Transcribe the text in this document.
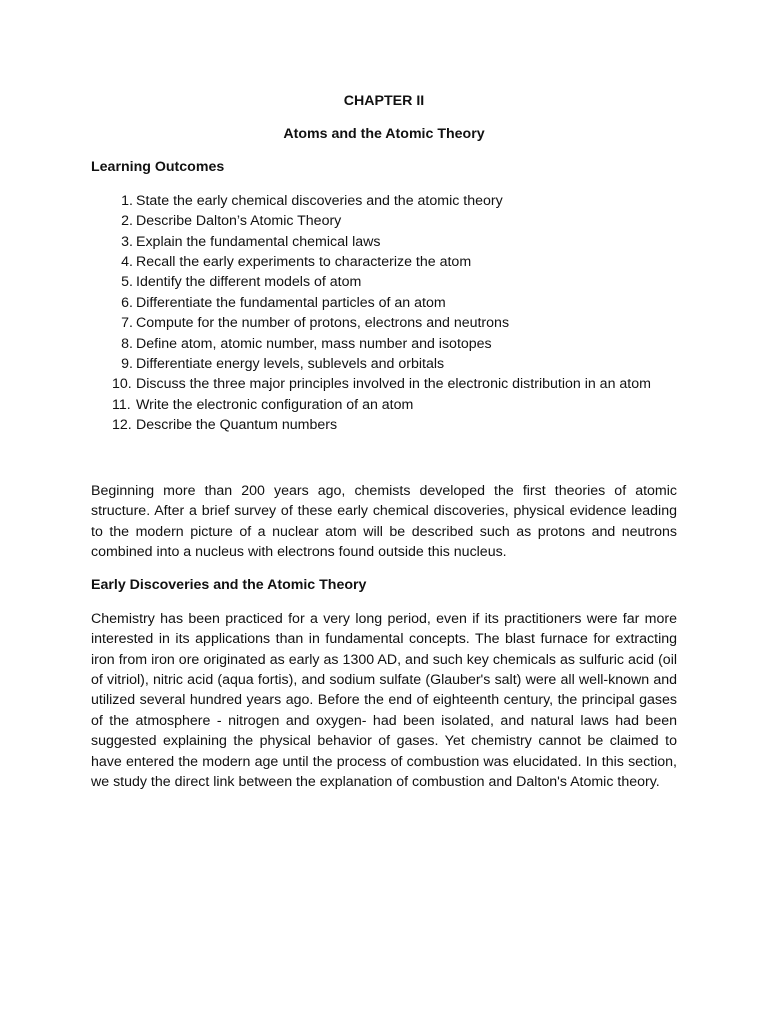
CHAPTER II

Atoms and the Atomic Theory

Learning Outcomes

1. State the early chemical discoveries and the atomic theory
2. Describe Dalton’s Atomic Theory
3. Explain the fundamental chemical laws
4. Recall the early experiments to characterize the atom
5. Identify the different models of atom
6. Differentiate the fundamental particles of an atom
7. Compute for the number of protons, electrons and neutrons
8. Define atom, atomic number, mass number and isotopes
9. Differentiate energy levels, sublevels and orbitals
10. Discuss the three major principles involved in the electronic distribution in an atom
11. Write the electronic configuration of an atom
12. Describe the Quantum numbers

Beginning more than 200 years ago, chemists developed the first theories of atomic structure. After a brief survey of these early chemical discoveries, physical evidence leading to the modern picture of a nuclear atom will be described such as protons and neutrons combined into a nucleus with electrons found outside this nucleus.

Early Discoveries and the Atomic Theory

Chemistry has been practiced for a very long period, even if its practitioners were far more interested in its applications than in fundamental concepts. The blast furnace for extracting iron from iron ore originated as early as 1300 AD, and such key chemicals as sulfuric acid (oil of vitriol), nitric acid (aqua fortis), and sodium sulfate (Glauber's salt) were all well-known and utilized several hundred years ago. Before the end of eighteenth century, the principal gases of the atmosphere - nitrogen and oxygen- had been isolated, and natural laws had been suggested explaining the physical behavior of gases. Yet chemistry cannot be claimed to have entered the modern age until the process of combustion was elucidated. In this section, we study the direct link between the explanation of combustion and Dalton's Atomic theory.
